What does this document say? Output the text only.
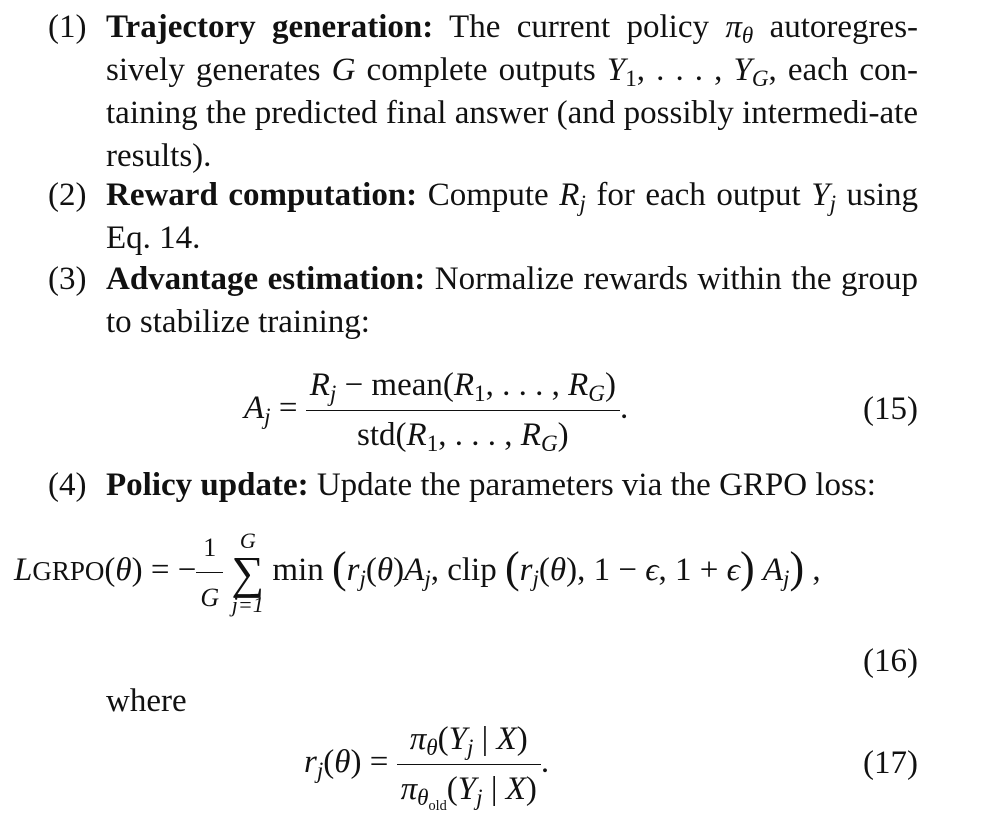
(1) Trajectory generation: The current policy $\pi_\theta$ autoregres-sively generates G complete outputs $Y_1$, . . . , $Y_G$, each con-taining the predicted final answer (and possibly intermedi-ate results).
(2) Reward computation: Compute $R_j$ for each output $Y_j$ using Eq. 14.
(3) Advantage estimation: Normalize rewards within the group to stabilize training:
$A_j = \frac{R_j - mean(R_1, . . . , R_G)}{std(R_1, . . . , R_G)}$ .	(15)
(4) Policy update: Update the parameters via the GRPO loss:
LGRPO(θ) = − $\frac{1}{G}$
G
∑
j=1
$\min (r_j(\theta)A_j$, clip ($r_j(\theta)$, 1 − ϵ, 1 + ϵ) $A_j$) ,
(16)
where
$r_j(\theta) = \frac{\pi_\theta(Y_j | X)}{\pi_{\theta_{old}}(Y_j | X)}$ .	(17)
